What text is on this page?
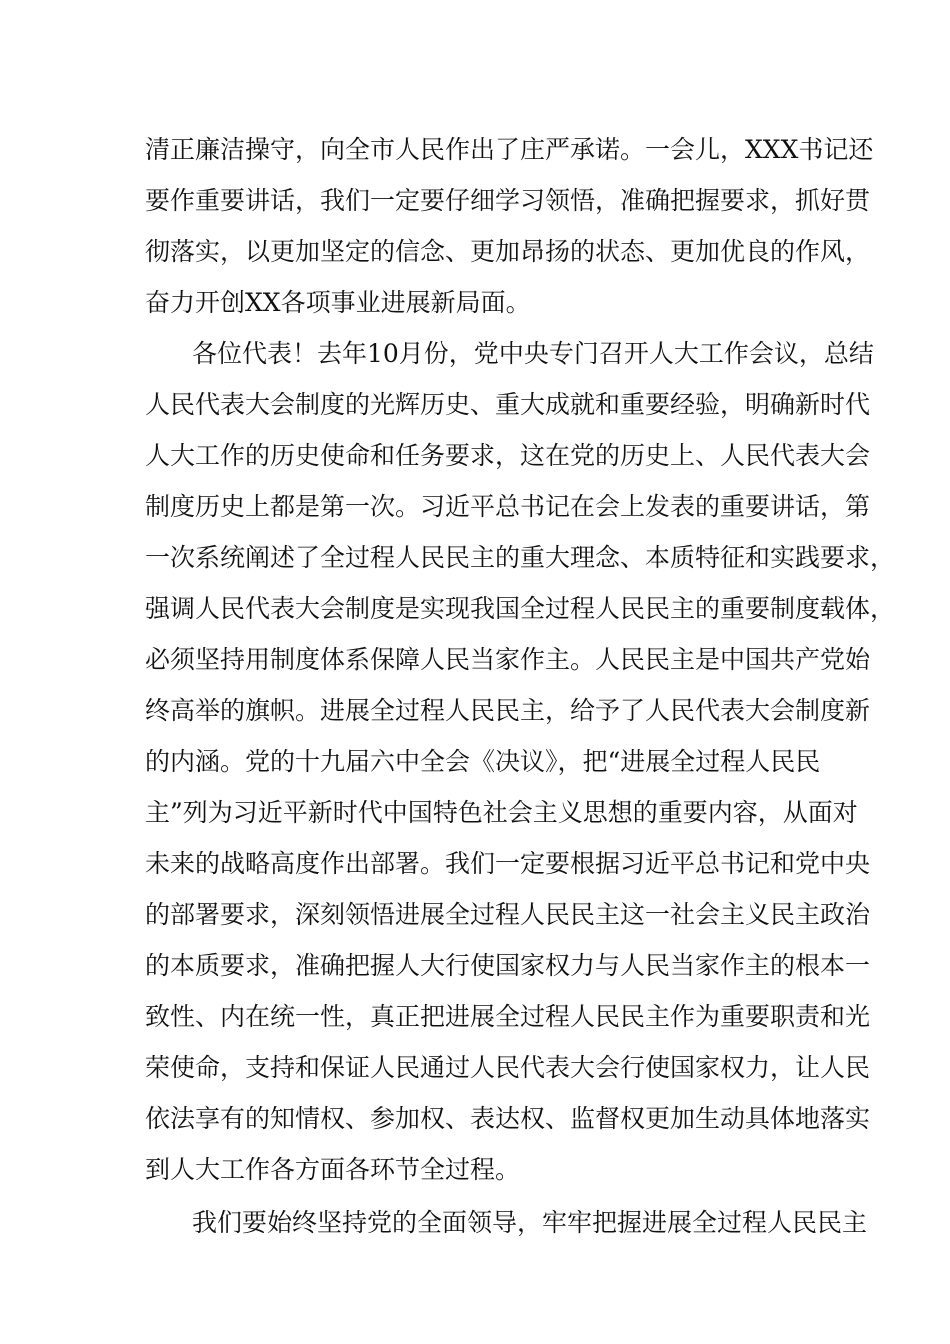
清正廉洁操守，向全市人民作出了庄严承诺。一会儿，XXX书记还
要作重要讲话，我们一定要仔细学习领悟，准确把握要求，抓好贯
彻落实，以更加坚定的信念、更加昂扬的状态、更加优良的作风，
奋力开创XX各项事业进展新局面。
各位代表！去年10月份，党中央专门召开人大工作会议，总结
人民代表大会制度的光辉历史、重大成就和重要经验，明确新时代
人大工作的历史使命和任务要求，这在党的历史上、人民代表大会
制度历史上都是第一次。习近平总书记在会上发表的重要讲话，第
一次系统阐述了全过程人民民主的重大理念、本质特征和实践要求，
强调人民代表大会制度是实现我国全过程人民民主的重要制度载体，
必须坚持用制度体系保障人民当家作主。人民民主是中国共产党始
终高举的旗帜。进展全过程人民民主，给予了人民代表大会制度新
的内涵。党的十九届六中全会《决议》，把“进展全过程人民民
主”列为习近平新时代中国特色社会主义思想的重要内容，从面对
未来的战略高度作出部署。我们一定要根据习近平总书记和党中央
的部署要求，深刻领悟进展全过程人民民主这一社会主义民主政治
的本质要求，准确把握人大行使国家权力与人民当家作主的根本一
致性、内在统一性，真正把进展全过程人民民主作为重要职责和光
荣使命，支持和保证人民通过人民代表大会行使国家权力，让人民
依法享有的知情权、参加权、表达权、监督权更加生动具体地落实
到人大工作各方面各环节全过程。
我们要始终坚持党的全面领导，牢牢把握进展全过程人民民主
